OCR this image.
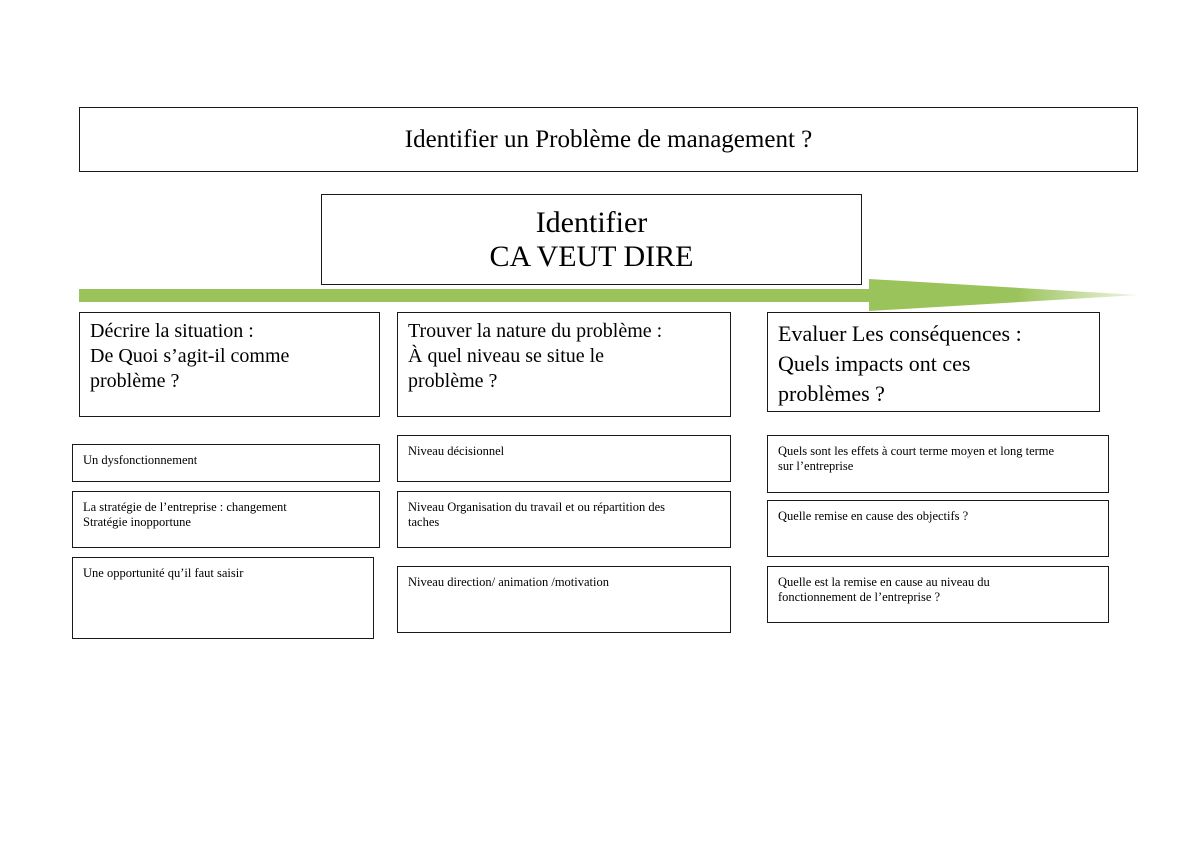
Identifier un Problème de management ?
Identifier
CA VEUT DIRE
Décrire la situation :
De Quoi s’agit-il comme
problème ?
Un dysfonctionnement
La stratégie de l’entreprise : changement
Stratégie inopportune
Une opportunité qu’il faut saisir
Trouver la nature du problème :
À quel niveau se situe le
problème ?
Niveau décisionnel
Niveau Organisation du travail et ou répartition des
taches
Niveau direction/ animation /motivation
Evaluer Les conséquences :
Quels impacts ont ces
problèmes ?
Quels sont les effets à court terme moyen et long terme
sur l’entreprise
Quelle remise en cause des objectifs ?
Quelle est la remise en cause au niveau du
fonctionnement de l’entreprise ?
